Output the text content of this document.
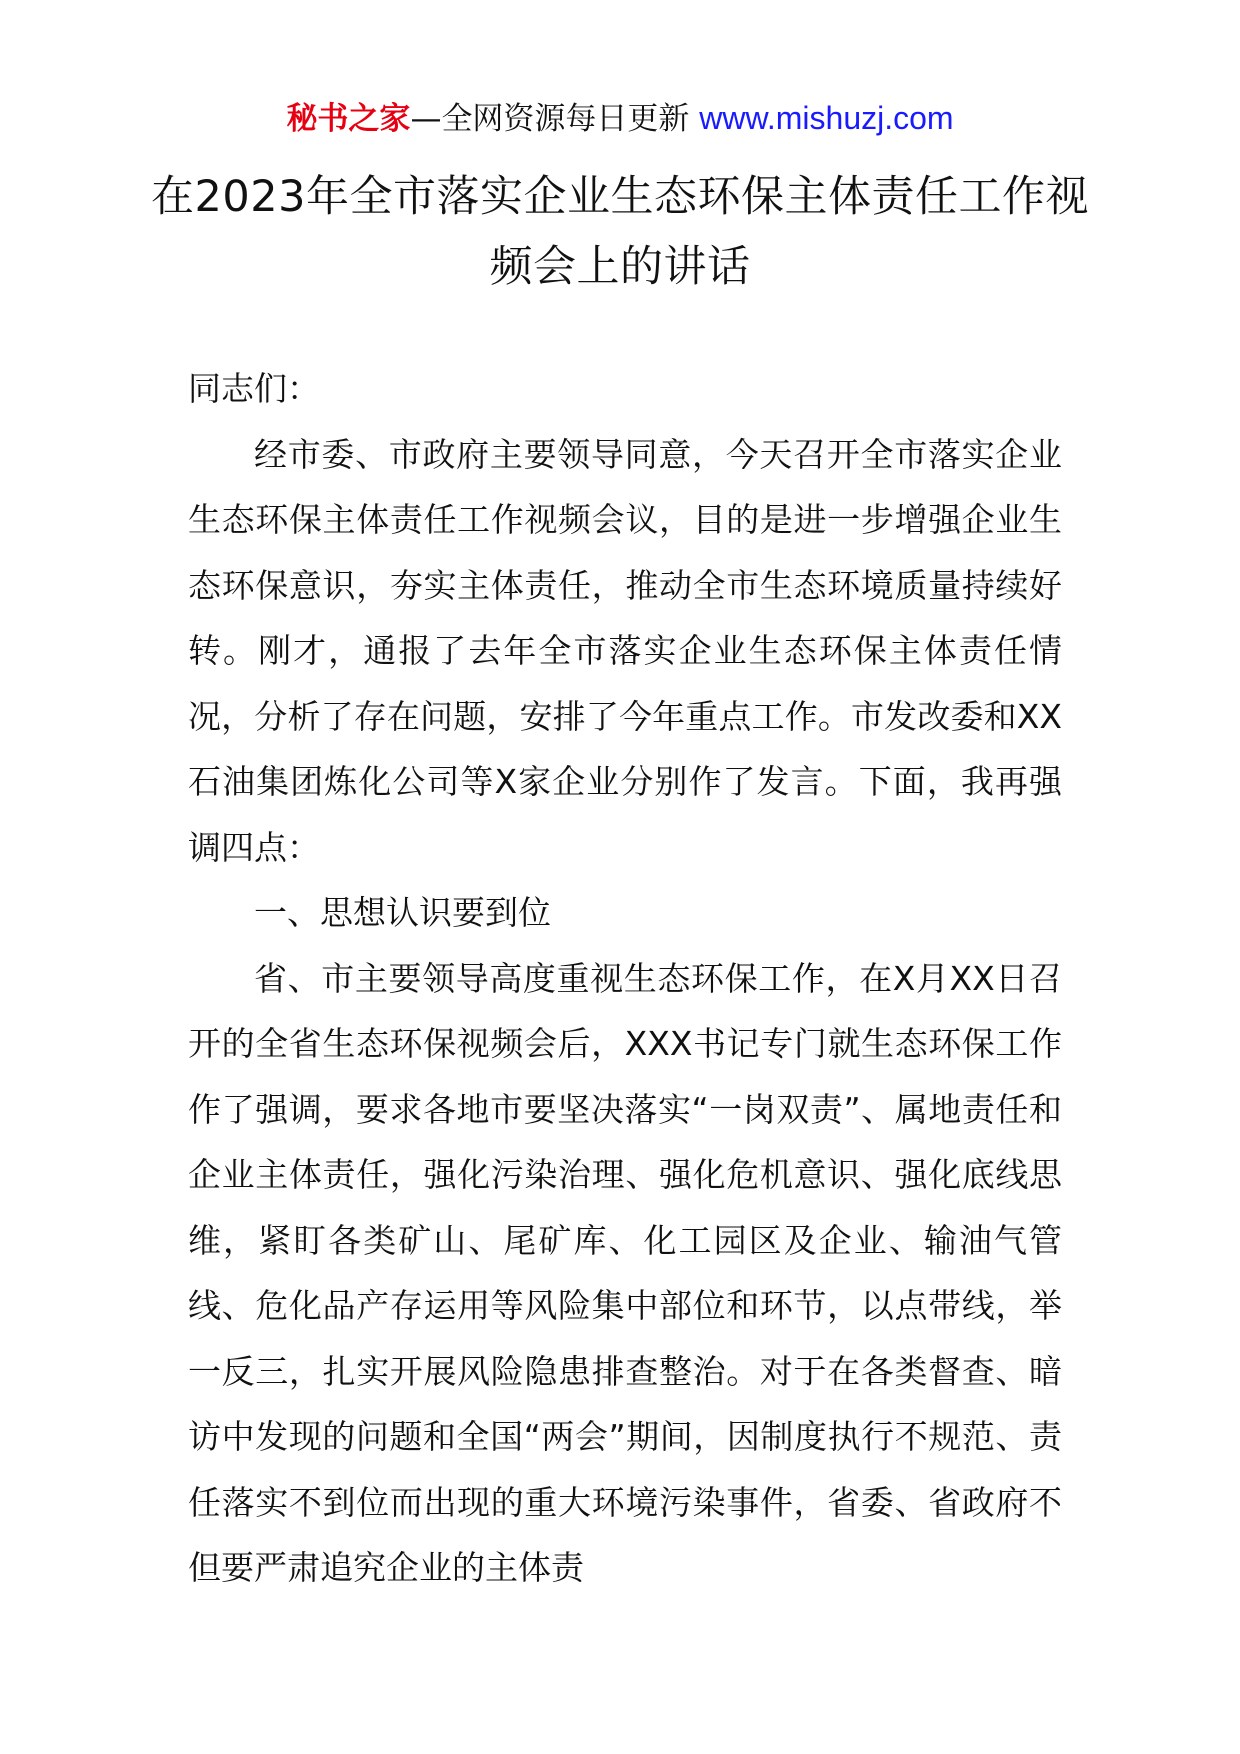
秘书之家—全网资源每日更新 www.mishuzj.com
在2023年全市落实企业生态环保主体责任工作视频会上的讲话

同志们：

经市委、市政府主要领导同意，今天召开全市落实企业生态环保主体责任工作视频会议，目的是进一步增强企业生态环保意识，夯实主体责任，推动全市生态环境质量持续好转。刚才，通报了去年全市落实企业生态环保主体责任情况，分析了存在问题，安排了今年重点工作。市发改委和XX石油集团炼化公司等X家企业分别作了发言。下面，我再强调四点：

一、思想认识要到位

省、市主要领导高度重视生态环保工作，在X月XX日召开的全省生态环保视频会后，XXX书记专门就生态环保工作作了强调，要求各地市要坚决落实“一岗双责”、属地责任和企业主体责任，强化污染治理、强化危机意识、强化底线思维，紧盯各类矿山、尾矿库、化工园区及企业、输油气管线、危化品产存运用等风险集中部位和环节，以点带线，举一反三，扎实开展风险隐患排查整治。对于在各类督查、暗访中发现的问题和全国“两会”期间，因制度执行不规范、责任落实不到位而出现的重大环境污染事件，省委、省政府不但要严肃追究企业的主体责
